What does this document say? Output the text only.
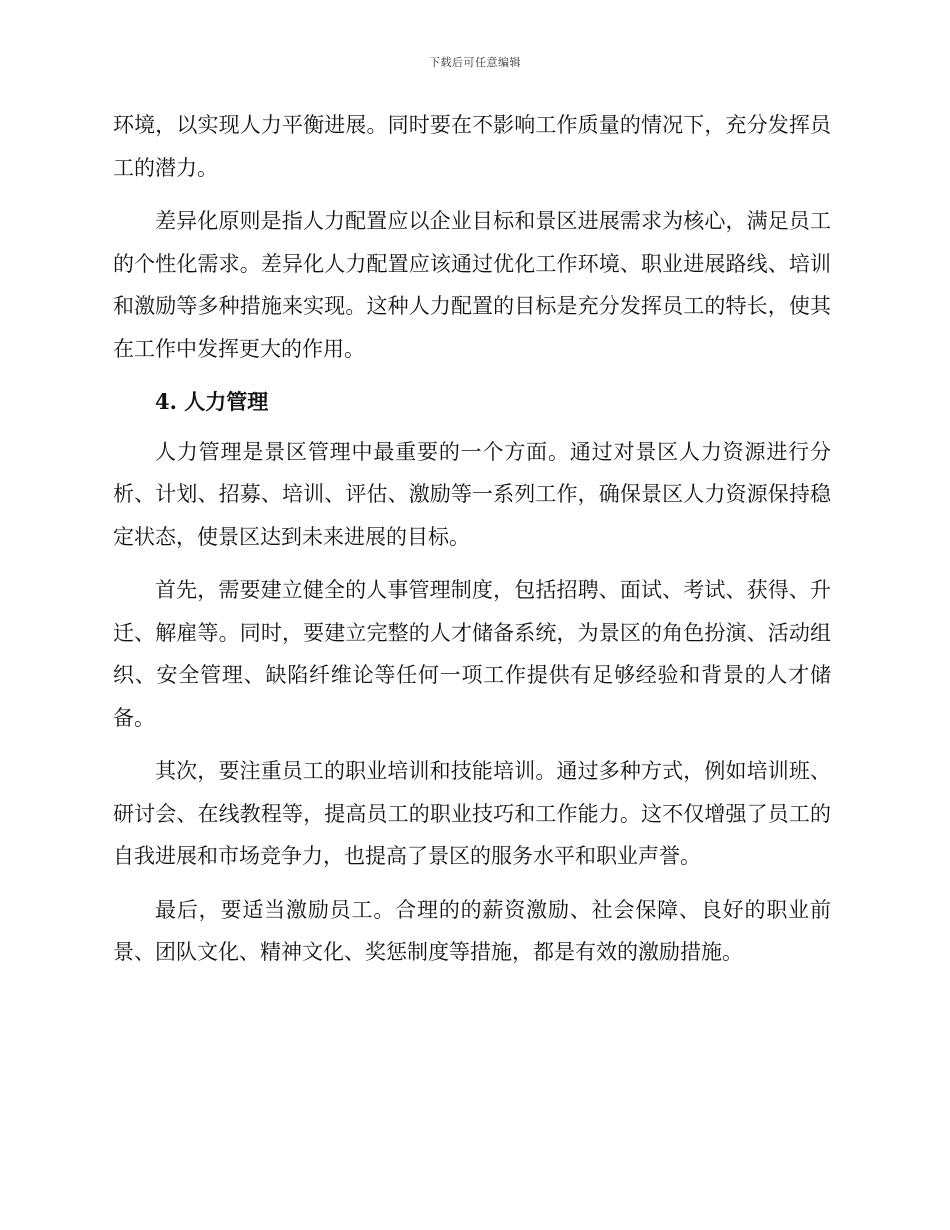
下载后可任意编辑

环境，以实现人力平衡进展。同时要在不影响工作质量的情况下，充分发挥员工的潜力。

差异化原则是指人力配置应以企业目标和景区进展需求为核心，满足员工的个性化需求。差异化人力配置应该通过优化工作环境、职业进展路线、培训和激励等多种措施来实现。这种人力配置的目标是充分发挥员工的特长，使其在工作中发挥更大的作用。

4. 人力管理

人力管理是景区管理中最重要的一个方面。通过对景区人力资源进行分析、计划、招募、培训、评估、激励等一系列工作，确保景区人力资源保持稳定状态，使景区达到未来进展的目标。

首先，需要建立健全的人事管理制度，包括招聘、面试、考试、获得、升迁、解雇等。同时，要建立完整的人才储备系统，为景区的角色扮演、活动组织、安全管理、缺陷纤维论等任何一项工作提供有足够经验和背景的人才储备。

其次，要注重员工的职业培训和技能培训。通过多种方式，例如培训班、研讨会、在线教程等，提高员工的职业技巧和工作能力。这不仅增强了员工的自我进展和市场竞争力，也提高了景区的服务水平和职业声誉。

最后，要适当激励员工。合理的的薪资激励、社会保障、良好的职业前景、团队文化、精神文化、奖惩制度等措施，都是有效的激励措施。
